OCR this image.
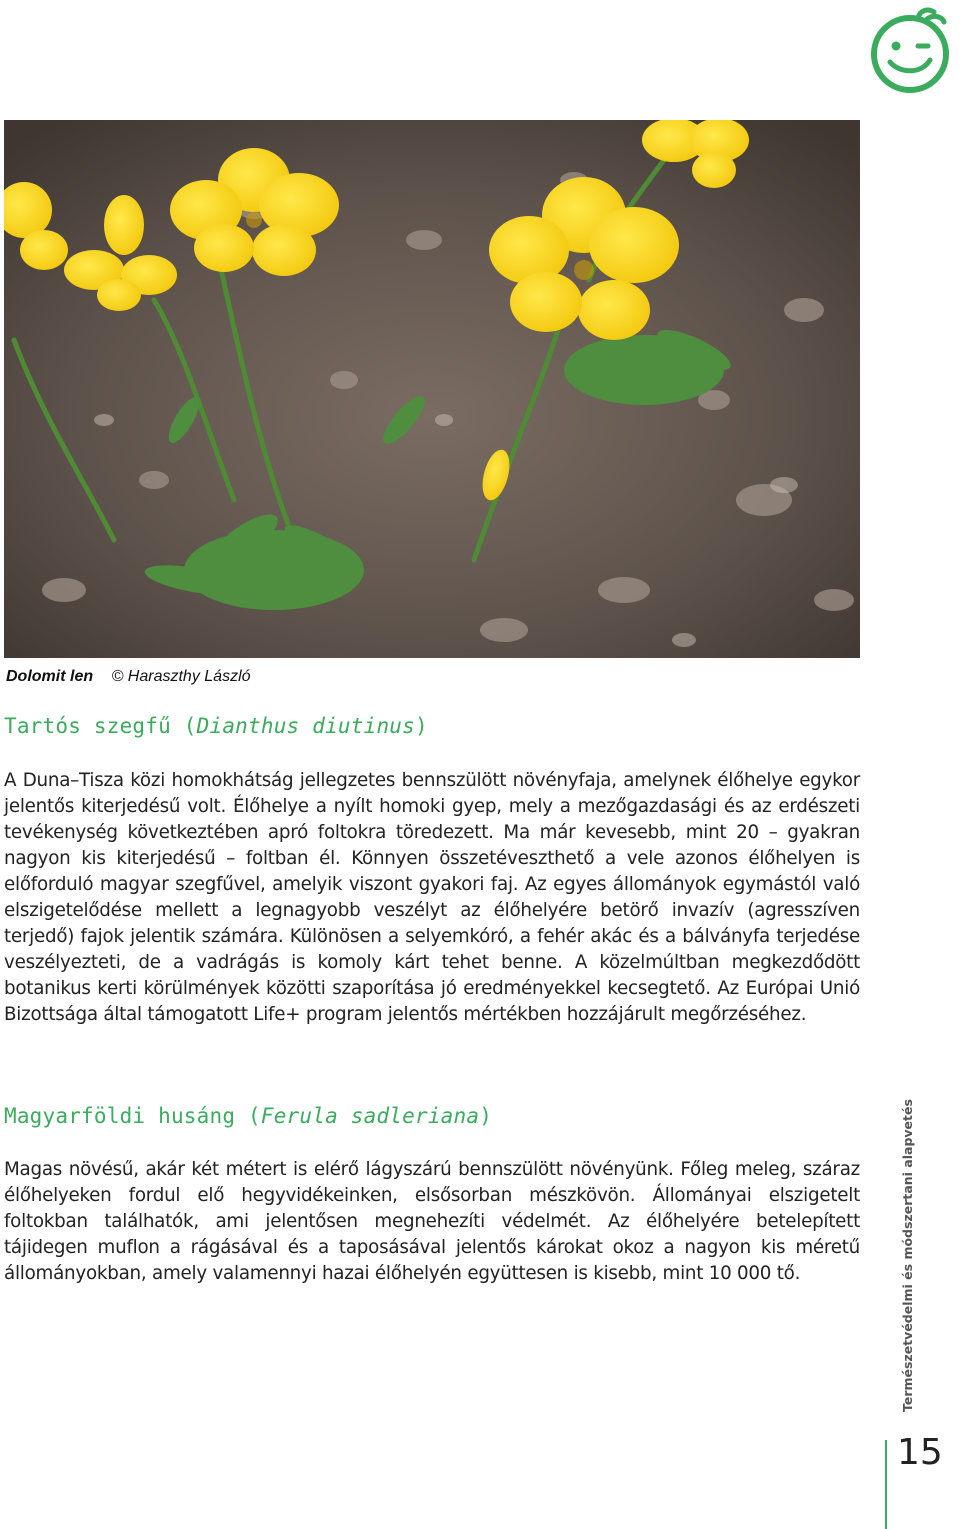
Dolomit len © Haraszthy László
Tartós szegfű (Dianthus diutinus)
A Duna–Tisza közi homokhátság jellegzetes bennszülött növényfaja, amelynek élőhelye egykor jelentős kiterjedésű volt. Élőhelye a nyílt homoki gyep, mely a mezőgazdasági és az erdészeti tevékenység következtében apró foltokra töredezett. Ma már kevesebb, mint 20 – gyakran nagyon kis kiterjedésű – foltban él. Könnyen összetéveszthető a vele azonos élőhelyen is előforduló magyar szegfűvel, amelyik viszont gyakori faj. Az egyes állományok egymástól való elszigetelődése mellett a legnagyobb veszélyt az élőhelyére betörő invazív (agresszíven terjedő) fajok jelentik számára. Különösen a selyemkóró, a fehér akác és a bálványfa terjedése veszélyezteti, de a vadrágás is komoly kárt tehet benne. A közelmúltban megkezdődött botanikus kerti körülmények közötti szaporítása jó eredményekkel kecsegtető. Az Európai Unió Bizottsága által támogatott Life+ program jelentős mértékben hozzájárult megőrzéséhez.
Magyarföldi husáng (Ferula sadleriana)
Magas növésű, akár két métert is elérő lágyszárú bennszülött növényünk. Főleg meleg, száraz élőhelyeken fordul elő hegyvidékeinken, elsősorban mészkövön. Állományai elszigetelt foltokban találhatók, ami jelentősen megnehezíti védelmét. Az élőhelyére betelepített tájidegen muflon a rágásával és a taposásával jelentős károkat okoz a nagyon kis méretű állományokban, amely valamennyi hazai élőhelyén együttesen is kisebb, mint 10 000 tő.	Természetvédelmi és módszertani alapvetés
15
